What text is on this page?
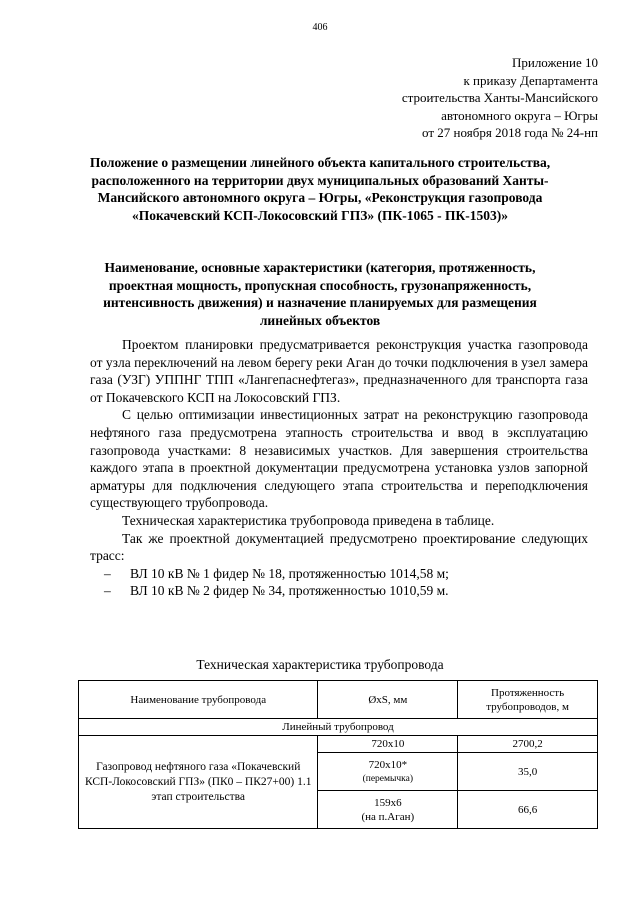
406
Приложение 10
к приказу Департамента
строительства Ханты-Мансийского
автономного округа – Югры
от 27 ноября 2018 года № 24-нп
Положение о размещении линейного объекта капитального строительства, расположенного на территории двух муниципальных образований Ханты-Мансийского автономного округа – Югры, «Реконструкция газопровода «Покачевский КСП-Локосовский ГПЗ» (ПК-1065 - ПК-1503)»
Наименование, основные характеристики (категория, протяженность, проектная мощность, пропускная способность, грузонапряженность, интенсивность движения) и назначение планируемых для размещения линейных объектов

Проектом планировки предусматривается реконструкция участка газопровода от узла переключений на левом берегу реки Аган до точки подключения в узел замера газа (УЗГ) УППНГ ТПП «Лангепаснефтегаз», предназначенного для транспорта газа от Покачевского КСП на Локосовский ГПЗ.

С целью оптимизации инвестиционных затрат на реконструкцию газопровода нефтяного газа предусмотрена этапность строительства и ввод в эксплуатацию газопровода участками: 8 независимых участков. Для завершения строительства каждого этапа в проектной документации предусмотрена установка узлов запорной арматуры для подключения следующего этапа строительства и переподключения существующего трубопровода.

Техническая характеристика трубопровода приведена в таблице.

Так же проектной документацией предусмотрено проектирование следующих трасс:

–	ВЛ 10 кВ № 1 фидер № 18, протяженностью 1014,58 м;

–	ВЛ 10 кВ № 2 фидер № 34, протяженностью 1010,59 м.

Техническая характеристика трубопровода
Наименование трубопровода	ØxS, мм	Протяженность трубопроводов, м
Линейный трубопровод		
Газопровод нефтяного газа «Покачевский КСП-Локосовский ГПЗ» (ПК0 – ПК27+00) 1.1 этап строительства	720х10	2700,2

	720х10*
(перемычка)	35,0

	159х6
(на п.Аган)	66,6
